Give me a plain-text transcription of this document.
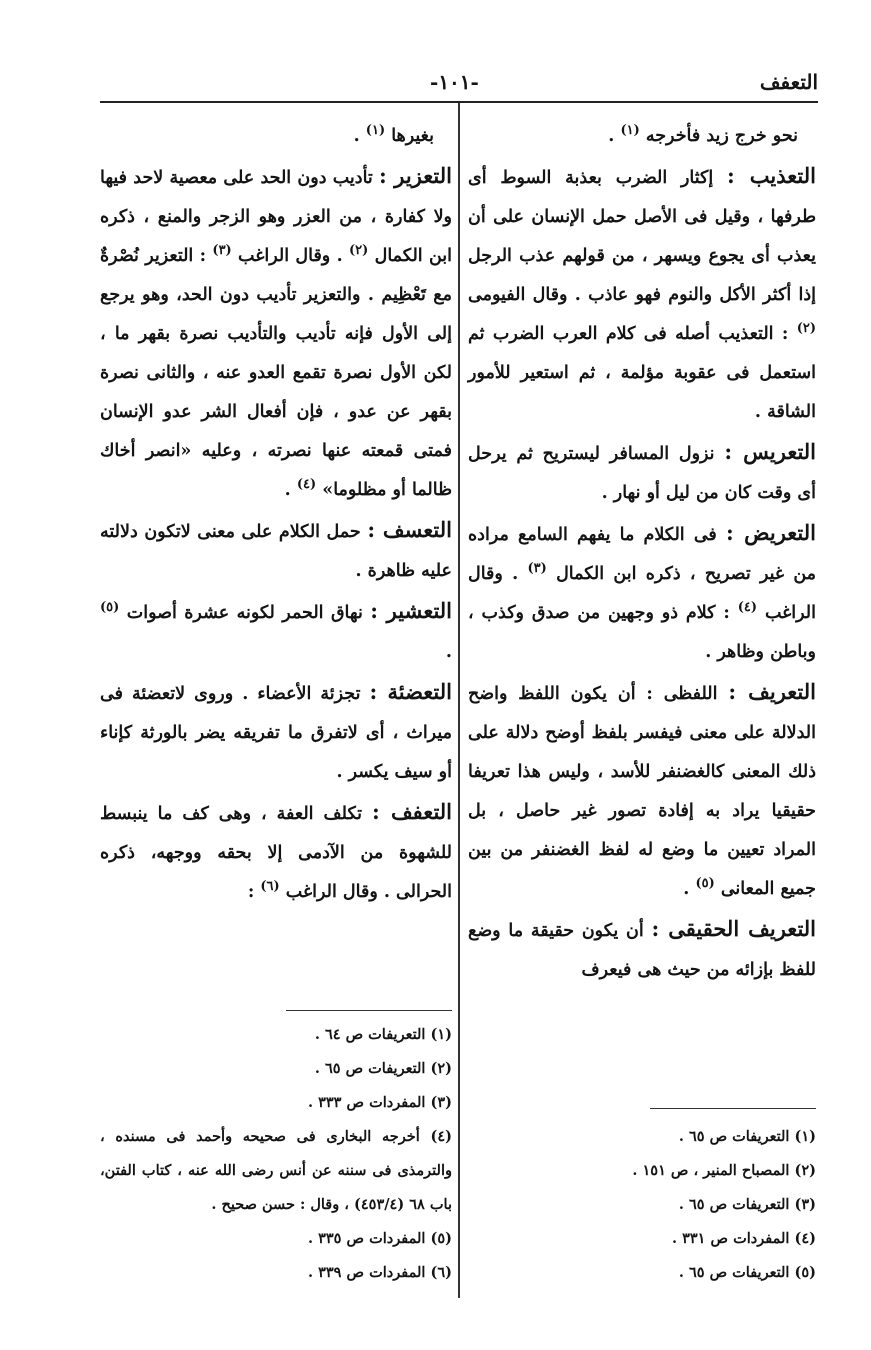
التعفف
-١٠١-

نحو خرج زيد فأخرجه $^{(١)}$ .

التعذيب : إكثار الضرب بعذبة السوط أى طرفها ، وقيل فى الأصل حمل الإنسان على أن يعذب أى يجوع ويسهر ، من قولهم عذب الرجل إذا أكثر الأكل والنوم فهو عاذب . وقال الفيومى $^{(٢)}$ : التعذيب أصله فى كلام العرب الضرب ثم استعمل فى عقوبة مؤلمة ، ثم استعير للأمور الشاقة .

التعريس : نزول المسافر ليستريح ثم يرحل أى وقت كان من ليل أو نهار .

التعريض : فى الكلام ما يفهم السامع مراده من غير تصريح ، ذكره ابن الكمال $^{(٣)}$ . وقال الراغب $^{(٤)}$ : كلام ذو وجهين من صدق وكذب ، وباطن وظاهر .

التعريف : اللفظى : أن يكون اللفظ واضح الدلالة على معنى فيفسر بلفظ أوضح دلالة على ذلك المعنى كالغضنفر للأسد ، وليس هذا تعريفا حقيقيا يراد به إفادة تصور غير حاصل ، بل المراد تعيين ما وضع له لفظ الغضنفر من بين جميع المعانى $^{(٥)}$ .

التعريف الحقيقى : أن يكون حقيقة ما وضع للفظ بإزائه من حيث هى فيعرف

بغيرها $^{(١)}$ .

التعزير : تأديب دون الحد على معصية لاحد فيها ولا كفارة ، من العزر وهو الزجر والمنع ، ذكره ابن الكمال $^{(٢)}$ . وقال الراغب $^{(٣)}$ : التعزير نُصْرةٌ مع تَعْظِيم . والتعزير تأديب دون الحد، وهو يرجع إلى الأول فإنه تأديب والتأديب نصرة بقهر ما ، لكن الأول نصرة تقمع العدو عنه ، والثانى نصرة بقهر عن عدو ، فإن أفعال الشر عدو الإنسان فمتى قمعته عنها نصرته ، وعليه «انصر أخاك ظالما أو مظلوما» $^{(٤)}$ .

التعسف : حمل الكلام على معنى لاتكون دلالته عليه ظاهرة .

التعشير : نهاق الحمر لكونه عشرة أصوات $^{(٥)}$ .

التعضئة : تجزئة الأعضاء . وروى لاتعضئة فى ميراث ، أى لاتفرق ما تفريقه يضر بالورثة كإناء أو سيف يكسر .

التعفف : تكلف العفة ، وهى كف ما ينبسط للشهوة من الآدمى إلا بحقه ووجهه، ذكره الحرالى . وقال الراغب $^{(٦)}$ :

(١) التعريفات ص ٦٥ .
(٢) المصباح المنير ، ص ١٥١ .
(٣) التعريفات ص ٦٥ .
(٤) المفردات ص ٣٣١ .
(٥) التعريفات ص ٦٥ .
(١) التعريفات ص ٦٤ .
(٢) التعريفات ص ٦٥ .
(٣) المفردات ص ٣٣٣ .
(٤) أخرجه البخارى فى صحيحه وأحمد فى مسنده ، والترمذى فى سننه عن أنس رضى الله عنه ، كتاب الفتن، باب ٦٨ (٤٥٣/٤) ، وقال : حسن صحيح .
(٥) المفردات ص ٣٣٥ .
(٦) المفردات ص ٣٣٩ .
